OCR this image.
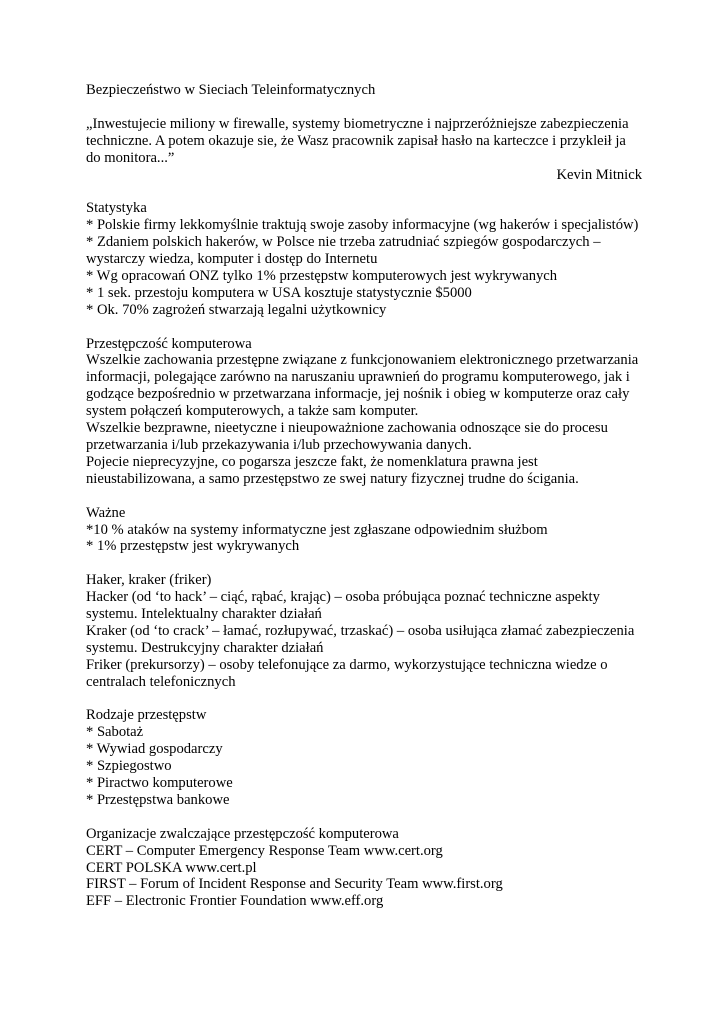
Bezpieczeństwo w Sieciach Teleinformatycznych

„Inwestujecie miliony w firewalle, systemy biometryczne i najprzeróżniejsze zabezpieczenia techniczne. A potem okazuje sie, że Wasz pracownik zapisał hasło na karteczce i przykleił ja do monitora...”

Kevin Mitnick

Statystyka

* Polskie firmy lekkomyślnie traktują swoje zasoby informacyjne (wg hakerów i specjalistów)

* Zdaniem polskich hakerów, w Polsce nie trzeba zatrudniać szpiegów gospodarczych – wystarczy wiedza, komputer i dostęp do Internetu

* Wg opracowań ONZ tylko 1% przestępstw komputerowych jest wykrywanych

* 1 sek. przestoju komputera w USA kosztuje statystycznie $5000

* Ok. 70% zagrożeń stwarzają legalni użytkownicy

Przestępczość komputerowa

Wszelkie zachowania przestępne związane z funkcjonowaniem elektronicznego przetwarzania informacji, polegające zarówno na naruszaniu uprawnień do programu komputerowego, jak i godzące bezpośrednio w przetwarzana informacje, jej nośnik i obieg w komputerze oraz cały system połączeń komputerowych, a także sam komputer.

Wszelkie bezprawne, nieetyczne i nieupoważnione zachowania odnoszące sie do procesu przetwarzania i/lub przekazywania i/lub przechowywania danych.

Pojecie nieprecyzyjne, co pogarsza jeszcze fakt, że nomenklatura prawna jest nieustabilizowana, a samo przestępstwo ze swej natury fizycznej trudne do ścigania.

Ważne

*10 % ataków na systemy informatyczne jest zgłaszane odpowiednim służbom

* 1% przestępstw jest wykrywanych

Haker, kraker (friker)

Hacker (od ‘to hack’ – ciąć, rąbać, krając) – osoba próbująca poznać techniczne aspekty systemu. Intelektualny charakter działań

Kraker (od ‘to crack’ – łamać, rozłupywać, trzaskać) – osoba usiłująca złamać zabezpieczenia systemu. Destrukcyjny charakter działań

Friker (prekursorzy) – osoby telefonujące za darmo, wykorzystujące techniczna wiedze o centralach telefonicznych

Rodzaje przestępstw

* Sabotaż

* Wywiad gospodarczy

* Szpiegostwo

* Piractwo komputerowe

* Przestępstwa bankowe

Organizacje zwalczające przestępczość komputerowa

CERT – Computer Emergency Response Team www.cert.org

CERT POLSKA www.cert.pl

FIRST – Forum of Incident Response and Security Team www.first.org

EFF – Electronic Frontier Foundation www.eff.org
